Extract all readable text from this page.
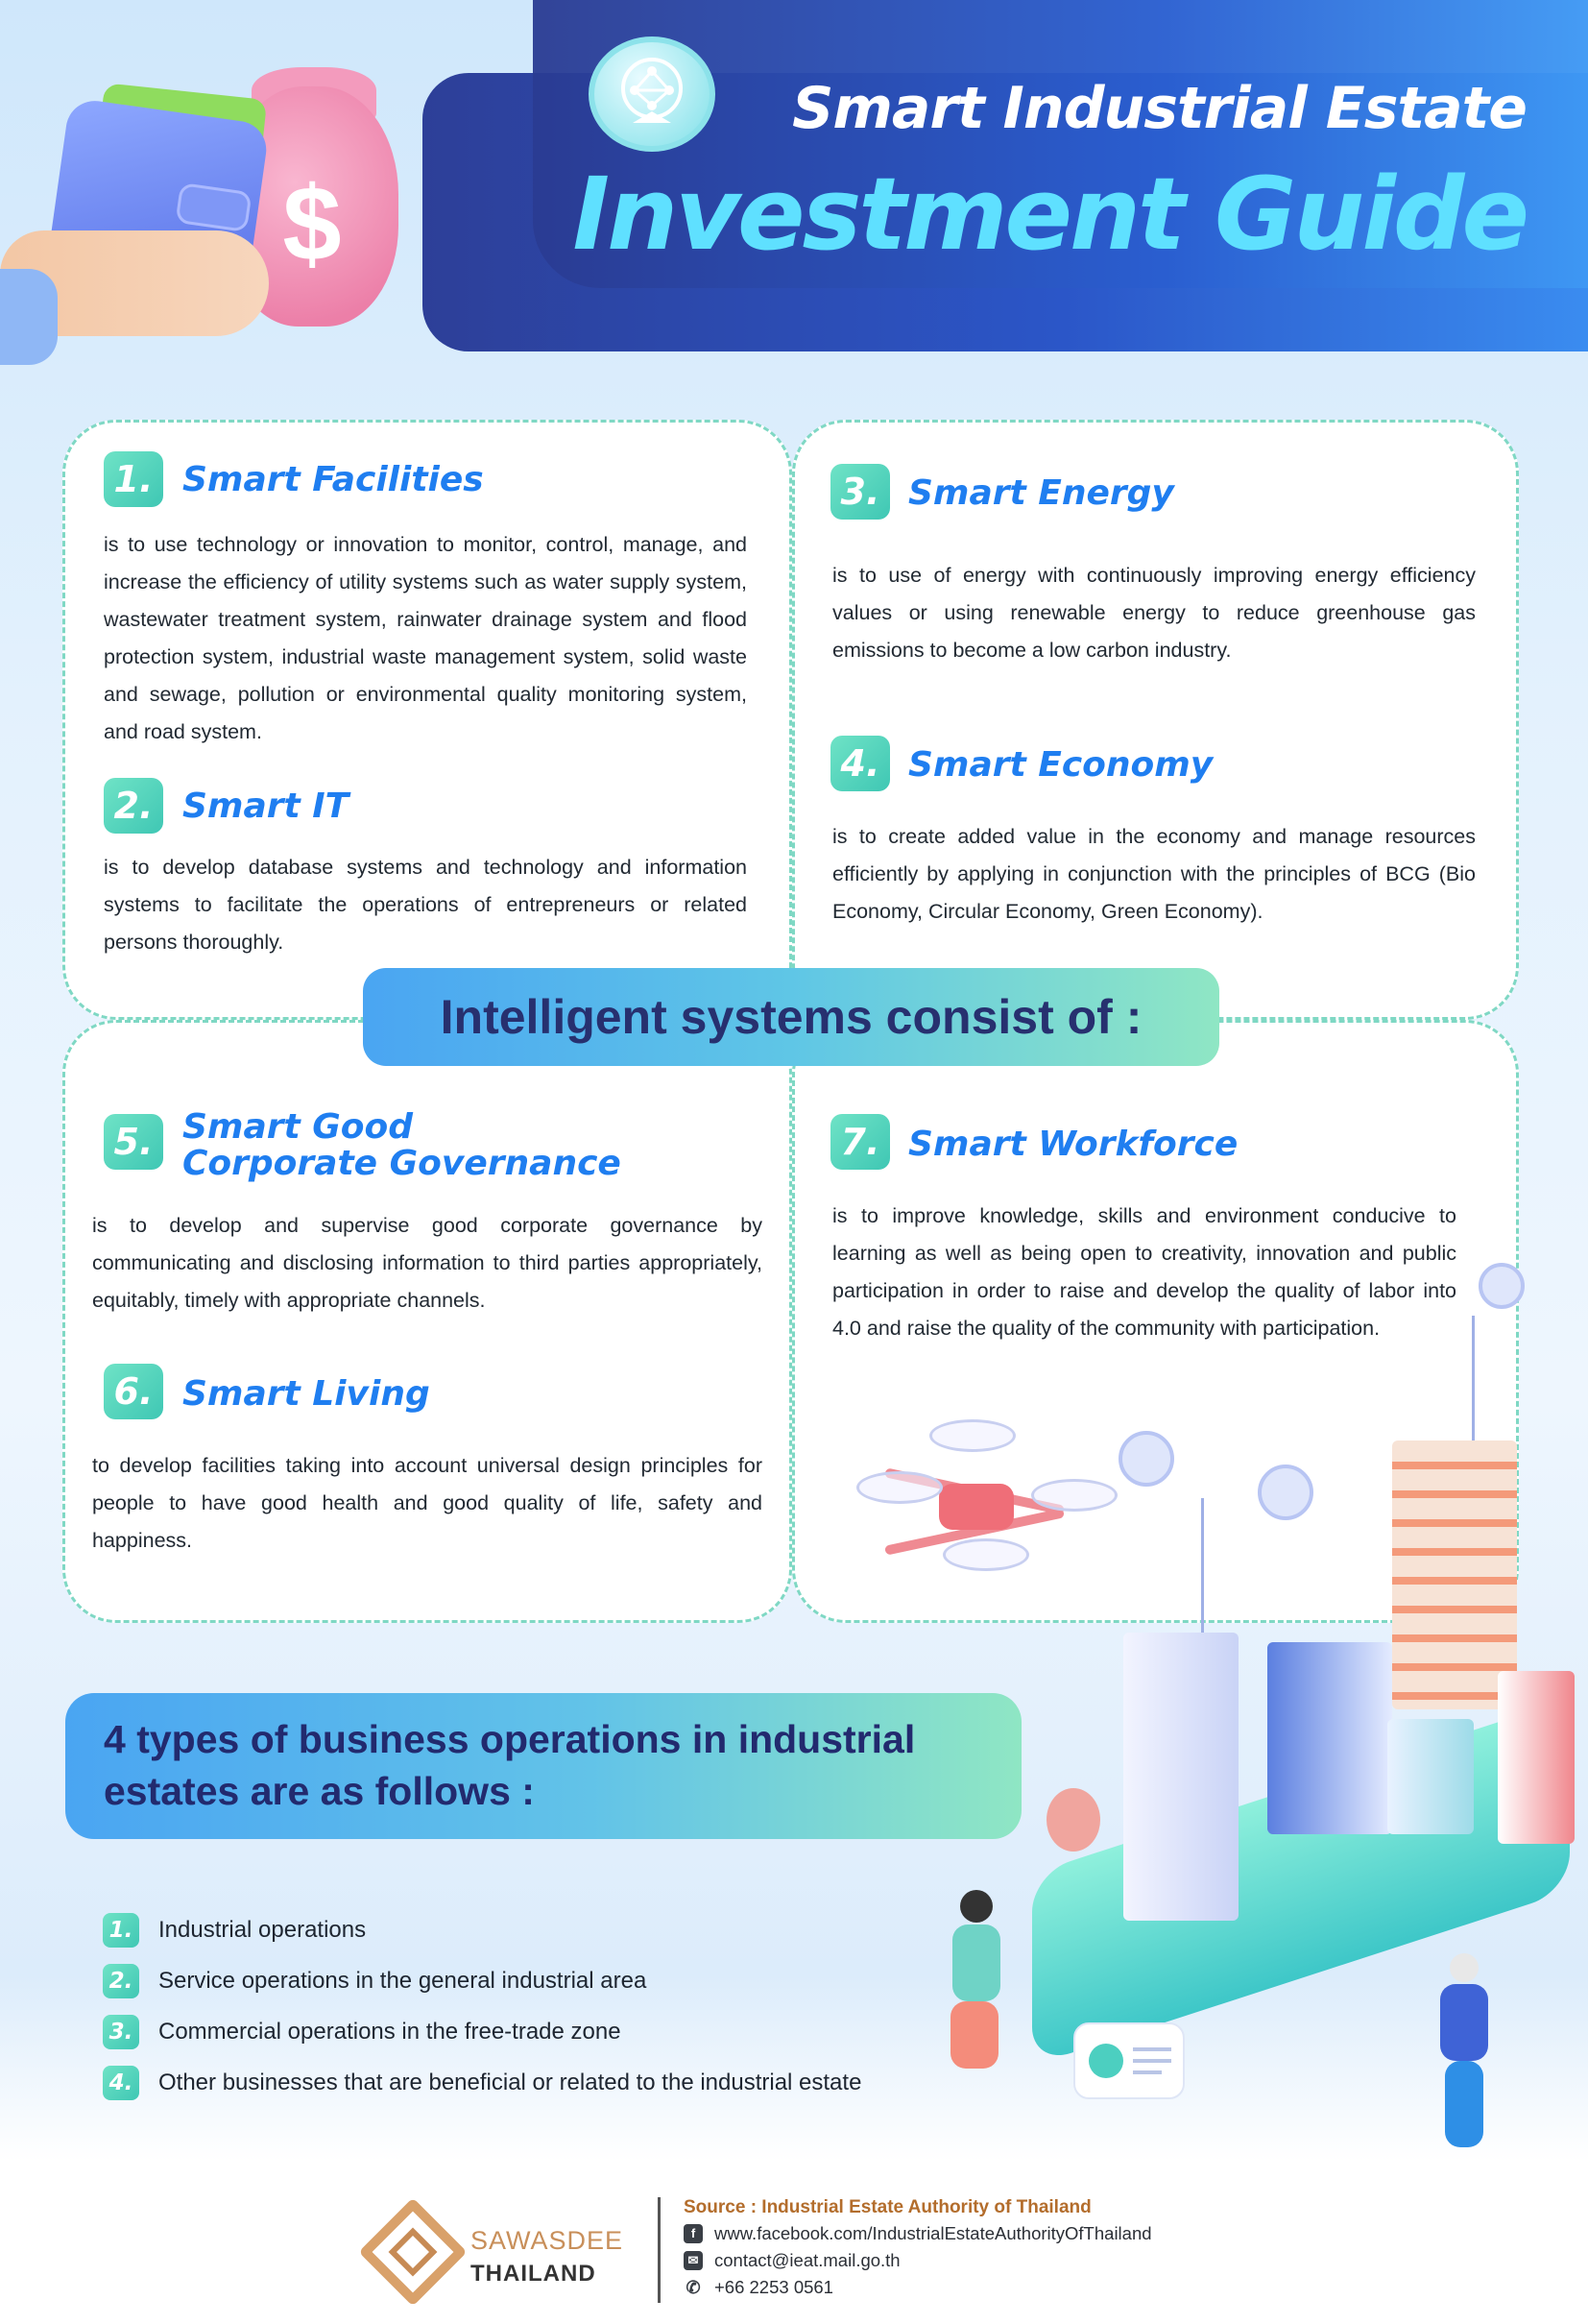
Smart Industrial Estate
Investment Guide
$
1. Smart Facilities
is to use technology or innovation to monitor, control, manage, and increase the efficiency of utility systems such as water supply system, wastewater treatment system, rainwater drainage system and flood protection system, industrial waste management system, solid waste and sewage, pollution or environmental quality monitoring system, and road system.
2. Smart IT
is to develop database systems and technology and information systems to facilitate the operations of entrepreneurs or related persons thoroughly.
3. Smart Energy
is to use of energy with continuously improving energy efficiency values or using renewable energy to reduce greenhouse gas emissions to become a low carbon industry.
4. Smart Economy
is to create added value in the economy and manage resources efficiently by applying in conjunction with the principles of BCG (Bio Economy, Circular Economy, Green Economy).
Intelligent systems consist of :
5. Smart Good
Corporate Governance
is to develop and supervise good corporate governance by communicating and disclosing information to third parties appropriately, equitably, timely with appropriate channels.
6. Smart Living
to develop facilities taking into account universal design principles for people to have good health and good quality of life, safety and happiness.
7. Smart Workforce
is to improve knowledge, skills and environment conducive to learning as well as being open to creativity, innovation and public participation in order to raise and develop the quality of labor into 4.0 and raise the quality of the community with participation.
4 types of business operations in industrial estates are as follows :
1. Industrial operations
2. Service operations in the general industrial area
3. Commercial operations in the free-trade zone
4. Other businesses that are beneficial or related to the industrial estate
SAWASDEE
THAILAND
Source : Industrial Estate Authority of Thailand
f	www.facebook.com/IndustrialEstateAuthorityOfThailand
✉ contact@ieat.mail.go.th
✆ +66 2253 0561
